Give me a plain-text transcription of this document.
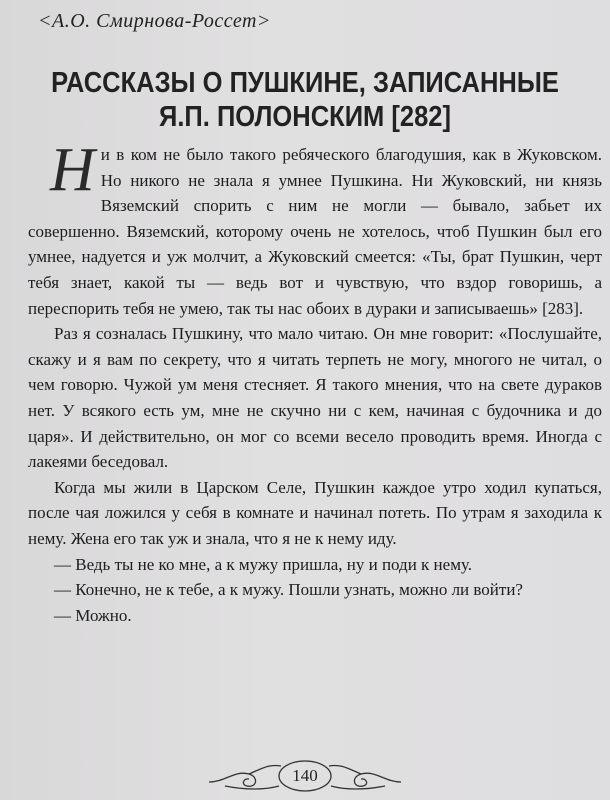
<А.О. Смирнова-Россет>
РАССКАЗЫ О ПУШКИНЕ, ЗАПИСАННЫЕ
Я.П. ПОЛОНСКИМ [282]

Ни в ком не было такого ребяческого благодушия, как в Жуковском. Но никого не знала я умнее Пушкина. Ни Жуковский, ни князь Вяземский спорить с ним не могли — бывало, забьет их совершенно. Вяземский, которому очень не хотелось, чтоб Пушкин был его умнее, надуется и уж молчит, а Жуковский смеется: «Ты, брат Пушкин, черт тебя знает, какой ты — ведь вот и чувствую, что вздор говоришь, а переспорить тебя не умею, так ты нас обоих в дураки и записываешь» [283].

Раз я созналась Пушкину, что мало читаю. Он мне говорит: «Послушайте, скажу и я вам по секрету, что я читать терпеть не могу, многого не читал, о чем говорю. Чужой ум меня стесняет. Я такого мнения, что на свете дураков нет. У всякого есть ум, мне не скучно ни с кем, начиная с будочника и до царя». И действительно, он мог со всеми весело проводить время. Иногда с лакеями беседовал.

Когда мы жили в Царском Селе, Пушкин каждое утро ходил купаться, после чая ложился у себя в комнате и начинал потеть. По утрам я заходила к нему. Жена его так уж и знала, что я не к нему иду.

— Ведь ты не ко мне, а к мужу пришла, ну и поди к нему.

— Конечно, не к тебе, а к мужу. Пошли узнать, можно ли войти?

— Можно.

140
